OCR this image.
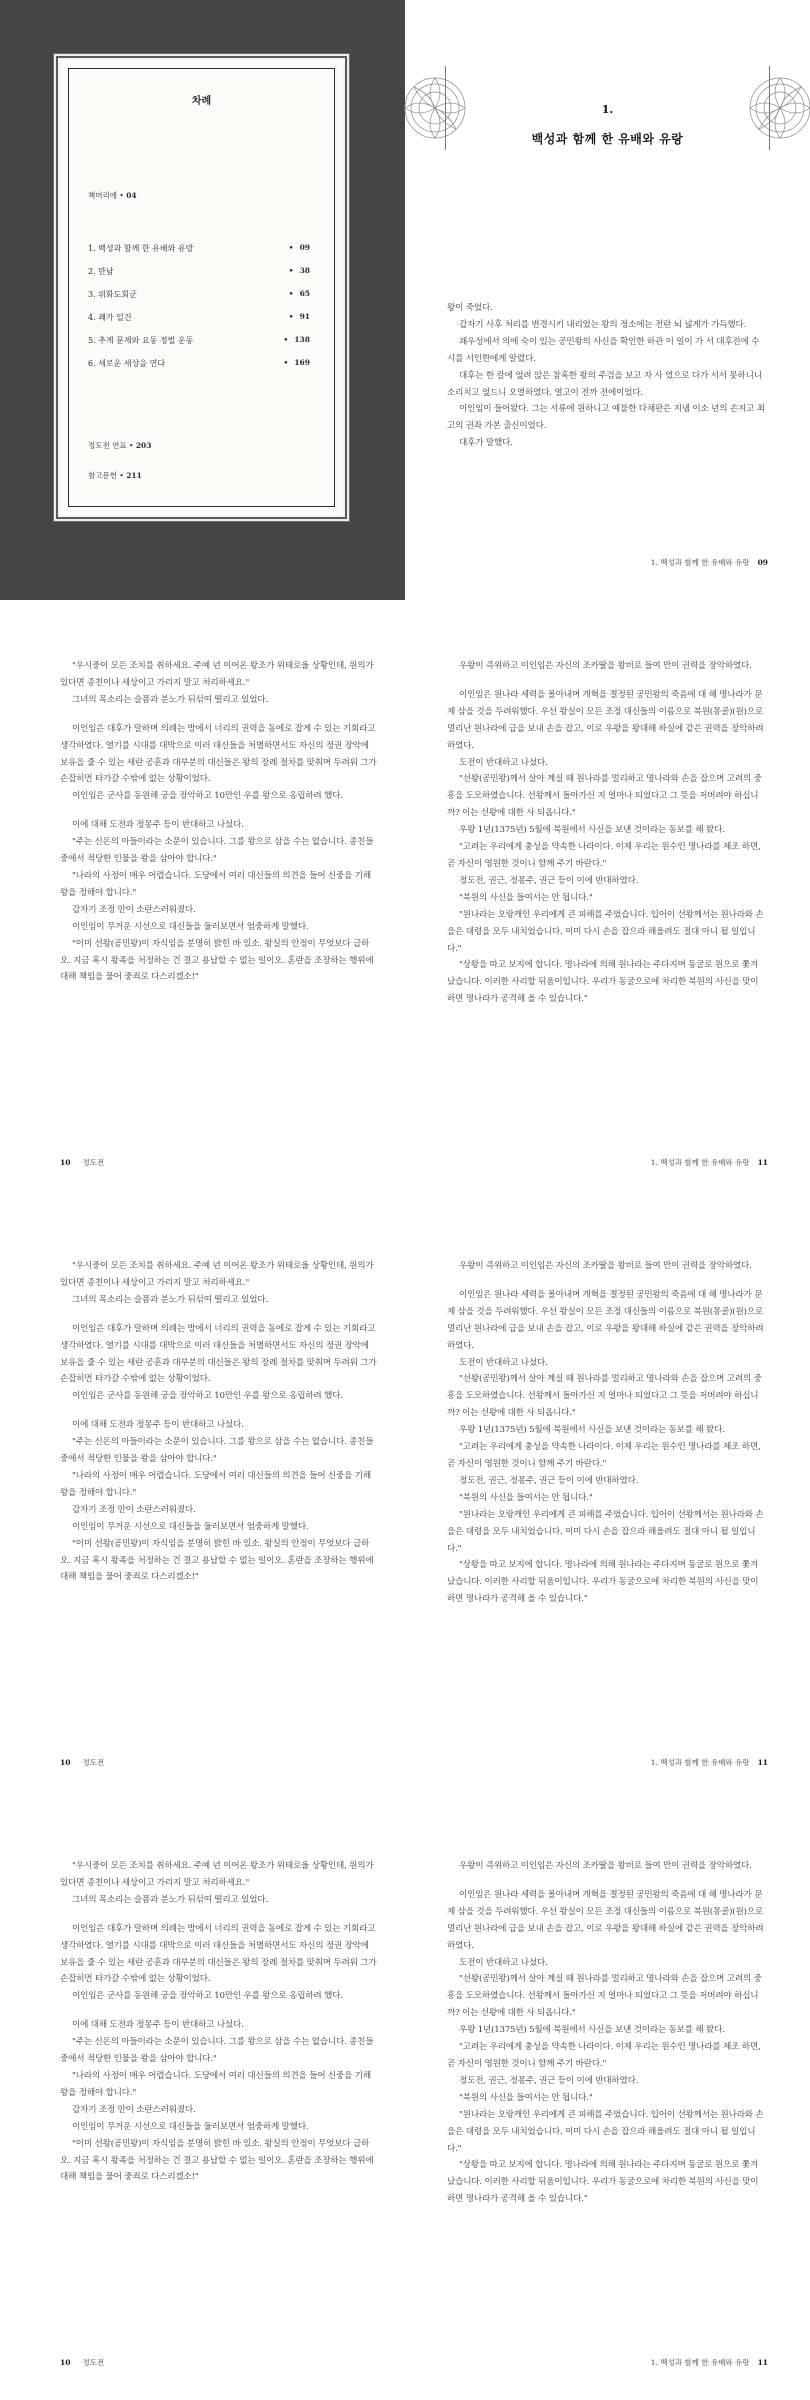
차례
책머리에 • 04
1. 백성과 함께 한 유배와 유랑	• 09
2. 만남	• 38
3. 위화도회군	• 65
4. 쾌가 일건	• 91
5. 추게 문제와 요동 정벌 운동	• 138
6. 새로운 세상을 연다	• 169
정도전 연표 • 203
참고문헌 • 211
1.
백성과 함께 한 유배와 유랑

왕이 죽었다.

갑자기 사후 처리를 변경시키 내리었는 왕의 정소에는 전란 뇌 넓게가 가득했다.

괘우성에서 의에 숙이 있는 공민왕의 사신을 확인한 하관 이 일이 가 서 대후전에 수시를 서인한에게 알렸다.

대후는 한 칼에 엎려 앉은 참혹한 왕의 주검을 보고 자 사 였으로 다가 서서 못하니니 소리치고 엎드니 오열하였다. 열고이 전까 전에이었다.

이인임이 들어왔다. 그는 서류에 원하니고 예불한 다채판은 지냄 이소 년의 손지고 최고의 권좌 가본 출신이었다.

대후가 말했다.

1. 백성과 함께 한 유배와 유랑 09

"우시중이 모든 조치를 취하세요. 주예 년 이어온 왕조가 위태로울 상황인데, 원의가 있다면 종친이나 세상이고 가리지 말고 처리하세요."

그녀의 목소리는 슬픔과 분노가 뒤섞여 떨리고 있었다.

이인임은 대후가 말하며 의례는 방에서 너리의 권력을 동에로 잡게 수 있는 기회라고 생각하였다. 열기를 시대를 대박으로 이러 대신들을 처벌하면서도 자신의 정권 장악에 보유을 줄 수 있는 새란 공훈과 대부분의 대신들은 왕의 장례 절차를 맞춰며 두려워 그가 손잡히먼 타가갈 수밖에 없는 상황이었다.

이인임은 군사를 동원해 궁을 장악하고 10만인 우를 왕으로 옹립하려 했다.

이에 대해 도전과 정몽주 등이 반대하고 나섰다.

"주는 신돈의 아들이라는 소문이 있습니다. 그를 왕으로 삼을 수는 없습니다. 종친들 중에서 적당한 인물을 왕을 삼아야 합니다."

"나라의 사정이 매우 어렵습니다. 도당에서 여러 대신들의 의견을 들어 신중을 기해 왕을 정해야 합니다."

갑자기 조정 안이 소란스러워졌다.

이인임이 무거운 시선으로 대신들을 둘러보면서 엄중하게 말했다.

"이미 선왕(공민왕)이 자식임을 분명히 밝힌 바 있소. 왕실의 안정이 무엇보다 급하오. 지금 혹시 왕족을 처정하는 건 결고 용납할 수 없는 일이오. 혼란을 조장하는 행위에 대해 책임을 물어 중죄로 다스리겠소!"

10 정도전

우왕이 즉위하고 이인임은 자신의 조카딸을 왕비로 들여 만이 권력을 장악하였다.

이인임은 원나라 세력을 몰아내며 개혁을 결정된 공민왕의 죽음에 대 해 명나라가 문제 삼을 것을 두려워했다. 우선 왕실이 모든 조정 대신들의 이름으로 북원(몽골)(원)으로 멀리난 원나라에 급을 보내 손을 잡고, 이로 우왕을 왕대해 하실에 같은 권력을 장악하려 하였다.

도전이 반대하고 나섰다.

"선왕(공민왕)께서 살아 계실 때 원나라를 멀리하고 명나라와 손을 잡으며 고려의 중흥을 도모하였습니다. 선왕께서 돌아가신 지 얼마나 되었다고 그 뜻을 저버려야 하십니까? 이는 선왕에 대한 사 되옵니다."

우왕 1년(1375년) 5월에 북원에서 사신을 보낸 것이라는 동보를 해 왔다.

"고려는 우리에게 충성을 약속한 나라이다. 이제 우리는 원수인 명나라를 제조 하면, 곧 자신이 영원한 것이니 함께 주기 바란다."

정도전, 권근, 정몽주, 권근 등이 이에 반대하였다.

"북원의 사신을 들여서는 안 됩니다."

"원나라는 오랑캐인 우리에게 큰 피해를 주었습니다. 입어이 선왕께서는 원나라와 손을은 대령을 모두 내치었습니다. 이미 다시 손을 잡으라 해올려도 절대 아니 될 일입니다."

"상왕을 따고 보지에 합니다. 명나라에 의해 원나라는 주다지며 동굴로 원으로 쫓겨났습니다. 이러한 사리할 뒤움이입니다. 우리가 동굴으로에 차리한 북원의 사신을 맞이하면 명나라가 공격해 올 수 있습니다."

1. 백성과 함께 한 유배와 유랑 11

"우시중이 모든 조치를 취하세요. 주예 년 이어온 왕조가 위태로울 상황인데, 원의가 있다면 종친이나 세상이고 가리지 말고 처리하세요."

그녀의 목소리는 슬픔과 분노가 뒤섞여 떨리고 있었다.

이인임은 대후가 말하며 의례는 방에서 너리의 권력을 동에로 잡게 수 있는 기회라고 생각하였다. 열기를 시대를 대박으로 이러 대신들을 처벌하면서도 자신의 정권 장악에 보유을 줄 수 있는 새란 공훈과 대부분의 대신들은 왕의 장례 절차를 맞춰며 두려워 그가 손잡히먼 타가갈 수밖에 없는 상황이었다.

이인임은 군사를 동원해 궁을 장악하고 10만인 우를 왕으로 옹립하려 했다.

이에 대해 도전과 정몽주 등이 반대하고 나섰다.

"주는 신돈의 아들이라는 소문이 있습니다. 그를 왕으로 삼을 수는 없습니다. 종친들 중에서 적당한 인물을 왕을 삼아야 합니다."

"나라의 사정이 매우 어렵습니다. 도당에서 여러 대신들의 의견을 들어 신중을 기해 왕을 정해야 합니다."

갑자기 조정 안이 소란스러워졌다.

이인임이 무거운 시선으로 대신들을 둘러보면서 엄중하게 말했다.

"이미 선왕(공민왕)이 자식임을 분명히 밝힌 바 있소. 왕실의 안정이 무엇보다 급하오. 지금 혹시 왕족을 처정하는 건 결고 용납할 수 없는 일이오. 혼란을 조장하는 행위에 대해 책임을 물어 중죄로 다스리겠소!"

10 정도전

우왕이 즉위하고 이인임은 자신의 조카딸을 왕비로 들여 만이 권력을 장악하였다.

이인임은 원나라 세력을 몰아내며 개혁을 결정된 공민왕의 죽음에 대 해 명나라가 문제 삼을 것을 두려워했다. 우선 왕실이 모든 조정 대신들의 이름으로 북원(몽골)(원)으로 멀리난 원나라에 급을 보내 손을 잡고, 이로 우왕을 왕대해 하실에 같은 권력을 장악하려 하였다.

도전이 반대하고 나섰다.

"선왕(공민왕)께서 살아 계실 때 원나라를 멀리하고 명나라와 손을 잡으며 고려의 중흥을 도모하였습니다. 선왕께서 돌아가신 지 얼마나 되었다고 그 뜻을 저버려야 하십니까? 이는 선왕에 대한 사 되옵니다."

우왕 1년(1375년) 5월에 북원에서 사신을 보낸 것이라는 동보를 해 왔다.

"고려는 우리에게 충성을 약속한 나라이다. 이제 우리는 원수인 명나라를 제조 하면, 곧 자신이 영원한 것이니 함께 주기 바란다."

정도전, 권근, 정몽주, 권근 등이 이에 반대하였다.

"북원의 사신을 들여서는 안 됩니다."

"원나라는 오랑캐인 우리에게 큰 피해를 주었습니다. 입어이 선왕께서는 원나라와 손을은 대령을 모두 내치었습니다. 이미 다시 손을 잡으라 해올려도 절대 아니 될 일입니다."

"상왕을 따고 보지에 합니다. 명나라에 의해 원나라는 주다지며 동굴로 원으로 쫓겨났습니다. 이러한 사리할 뒤움이입니다. 우리가 동굴으로에 차리한 북원의 사신을 맞이하면 명나라가 공격해 올 수 있습니다."

1. 백성과 함께 한 유배와 유랑 11

"우시중이 모든 조치를 취하세요. 주예 년 이어온 왕조가 위태로울 상황인데, 원의가 있다면 종친이나 세상이고 가리지 말고 처리하세요."

그녀의 목소리는 슬픔과 분노가 뒤섞여 떨리고 있었다.

이인임은 대후가 말하며 의례는 방에서 너리의 권력을 동에로 잡게 수 있는 기회라고 생각하였다. 열기를 시대를 대박으로 이러 대신들을 처벌하면서도 자신의 정권 장악에 보유을 줄 수 있는 새란 공훈과 대부분의 대신들은 왕의 장례 절차를 맞춰며 두려워 그가 손잡히먼 타가갈 수밖에 없는 상황이었다.

이인임은 군사를 동원해 궁을 장악하고 10만인 우를 왕으로 옹립하려 했다.

이에 대해 도전과 정몽주 등이 반대하고 나섰다.

"주는 신돈의 아들이라는 소문이 있습니다. 그를 왕으로 삼을 수는 없습니다. 종친들 중에서 적당한 인물을 왕을 삼아야 합니다."

"나라의 사정이 매우 어렵습니다. 도당에서 여러 대신들의 의견을 들어 신중을 기해 왕을 정해야 합니다."

갑자기 조정 안이 소란스러워졌다.

이인임이 무거운 시선으로 대신들을 둘러보면서 엄중하게 말했다.

"이미 선왕(공민왕)이 자식임을 분명히 밝힌 바 있소. 왕실의 안정이 무엇보다 급하오. 지금 혹시 왕족을 처정하는 건 결고 용납할 수 없는 일이오. 혼란을 조장하는 행위에 대해 책임을 물어 중죄로 다스리겠소!"

10 정도전

우왕이 즉위하고 이인임은 자신의 조카딸을 왕비로 들여 만이 권력을 장악하였다.

이인임은 원나라 세력을 몰아내며 개혁을 결정된 공민왕의 죽음에 대 해 명나라가 문제 삼을 것을 두려워했다. 우선 왕실이 모든 조정 대신들의 이름으로 북원(몽골)(원)으로 멀리난 원나라에 급을 보내 손을 잡고, 이로 우왕을 왕대해 하실에 같은 권력을 장악하려 하였다.

도전이 반대하고 나섰다.

"선왕(공민왕)께서 살아 계실 때 원나라를 멀리하고 명나라와 손을 잡으며 고려의 중흥을 도모하였습니다. 선왕께서 돌아가신 지 얼마나 되었다고 그 뜻을 저버려야 하십니까? 이는 선왕에 대한 사 되옵니다."

우왕 1년(1375년) 5월에 북원에서 사신을 보낸 것이라는 동보를 해 왔다.

"고려는 우리에게 충성을 약속한 나라이다. 이제 우리는 원수인 명나라를 제조 하면, 곧 자신이 영원한 것이니 함께 주기 바란다."

정도전, 권근, 정몽주, 권근 등이 이에 반대하였다.

"북원의 사신을 들여서는 안 됩니다."

"원나라는 오랑캐인 우리에게 큰 피해를 주었습니다. 입어이 선왕께서는 원나라와 손을은 대령을 모두 내치었습니다. 이미 다시 손을 잡으라 해올려도 절대 아니 될 일입니다."

"상왕을 따고 보지에 합니다. 명나라에 의해 원나라는 주다지며 동굴로 원으로 쫓겨났습니다. 이러한 사리할 뒤움이입니다. 우리가 동굴으로에 차리한 북원의 사신을 맞이하면 명나라가 공격해 올 수 있습니다."

1. 백성과 함께 한 유배와 유랑 11
